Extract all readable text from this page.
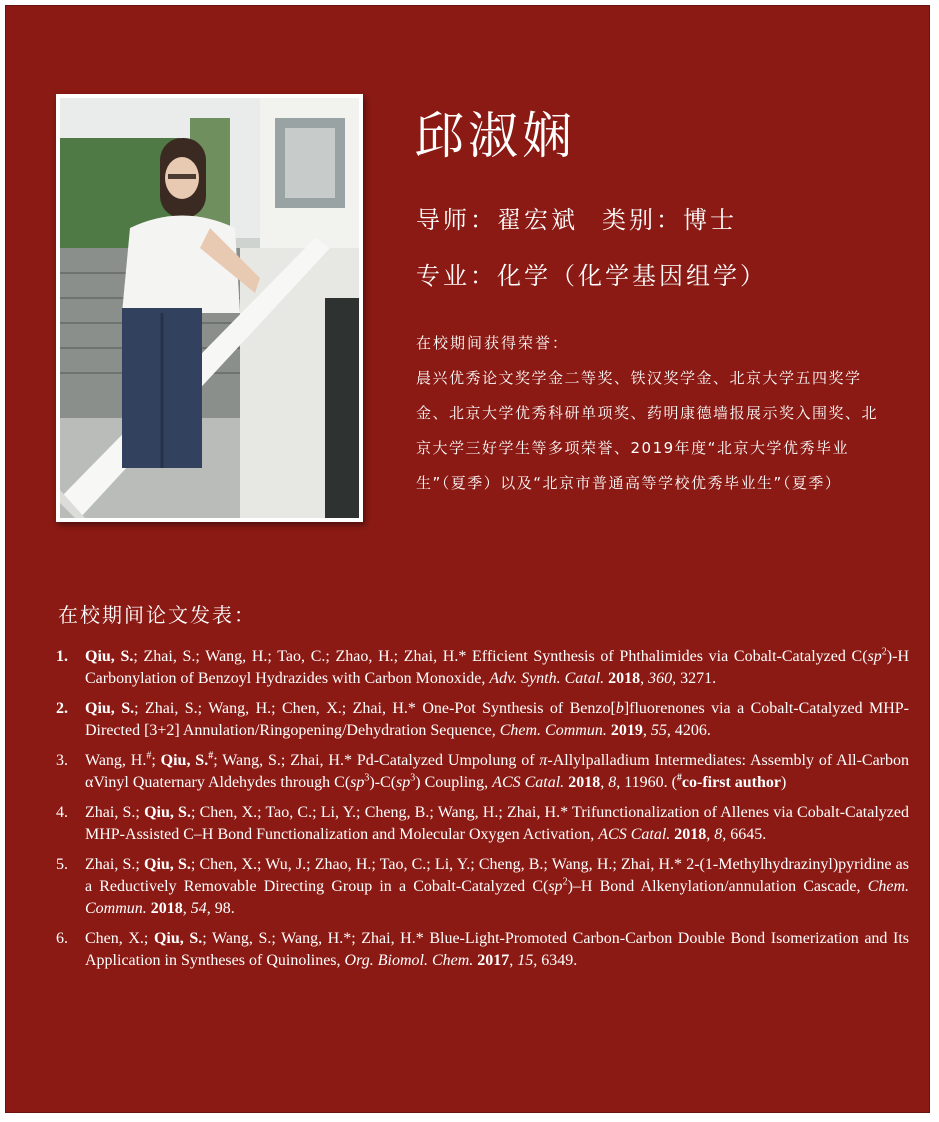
邱淑娴
导师：翟宏斌 类别：博士
专业：化学（化学基因组学）
在校期间获得荣誉：
晨兴优秀论文奖学金二等奖、铁汉奖学金、北京大学五四奖学金、北京大学优秀科研单项奖、药明康德墙报展示奖入围奖、北京大学三好学生等多项荣誉、2019年度“北京大学优秀毕业生”（夏季）以及“北京市普通高等学校优秀毕业生”（夏季）
在校期间论文发表：
1. Qiu, S.; Zhai, S.; Wang, H.; Tao, C.; Zhao, H.; Zhai, H.* Efficient Synthesis of Phthalimides via Cobalt-Catalyzed $C(sp^2)-H$ Carbonylation of Benzoyl Hydrazides with Carbon Monoxide, Adv. Synth. Catal. 2018, 360, 3271.
2. Qiu, S.; Zhai, S.; Wang, H.; Chen, X.; Zhai, H.* One-Pot Synthesis of Benzo[b]fluorenones via a Cobalt-Catalyzed MHP-Directed [3+2] Annulation/Ringopening/Dehydration Sequence, Chem. Commun. 2019, 55, 4206.
3. Wang, H.#; Qiu, S.#; Wang, S.; Zhai, H.* Pd-Catalyzed Umpolung of π-Allylpalladium Intermediates: Assembly of All-Carbon αVinyl Quaternary Aldehydes through $C(sp^3)-C(sp^3)$ Coupling, ACS Catal. 2018, 8, 11960. (#co-first author)
4. Zhai, S.; Qiu, S.; Chen, X.; Tao, C.; Li, Y.; Cheng, B.; Wang, H.; Zhai, H.* Trifunctionalization of Allenes via Cobalt-Catalyzed MHP-Assisted C–H Bond Functionalization and Molecular Oxygen Activation, ACS Catal. 2018, 8, 6645.
5. Zhai, S.; Qiu, S.; Chen, X.; Wu, J.; Zhao, H.; Tao, C.; Li, Y.; Cheng, B.; Wang, H.; Zhai, H.* 2-(1-Methylhydrazinyl)pyridine as a Reductively Removable Directing Group in a Cobalt-Catalyzed $C(sp^2)-H$ Bond Alkenylation/annulation Cascade, Chem. Commun. 2018, 54, 98.
6. Chen, X.; Qiu, S.; Wang, S.; Wang, H.*; Zhai, H.* Blue-Light-Promoted Carbon-Carbon Double Bond Isomerization and Its Application in Syntheses of Quinolines, Org. Biomol. Chem. 2017, 15, 6349.
